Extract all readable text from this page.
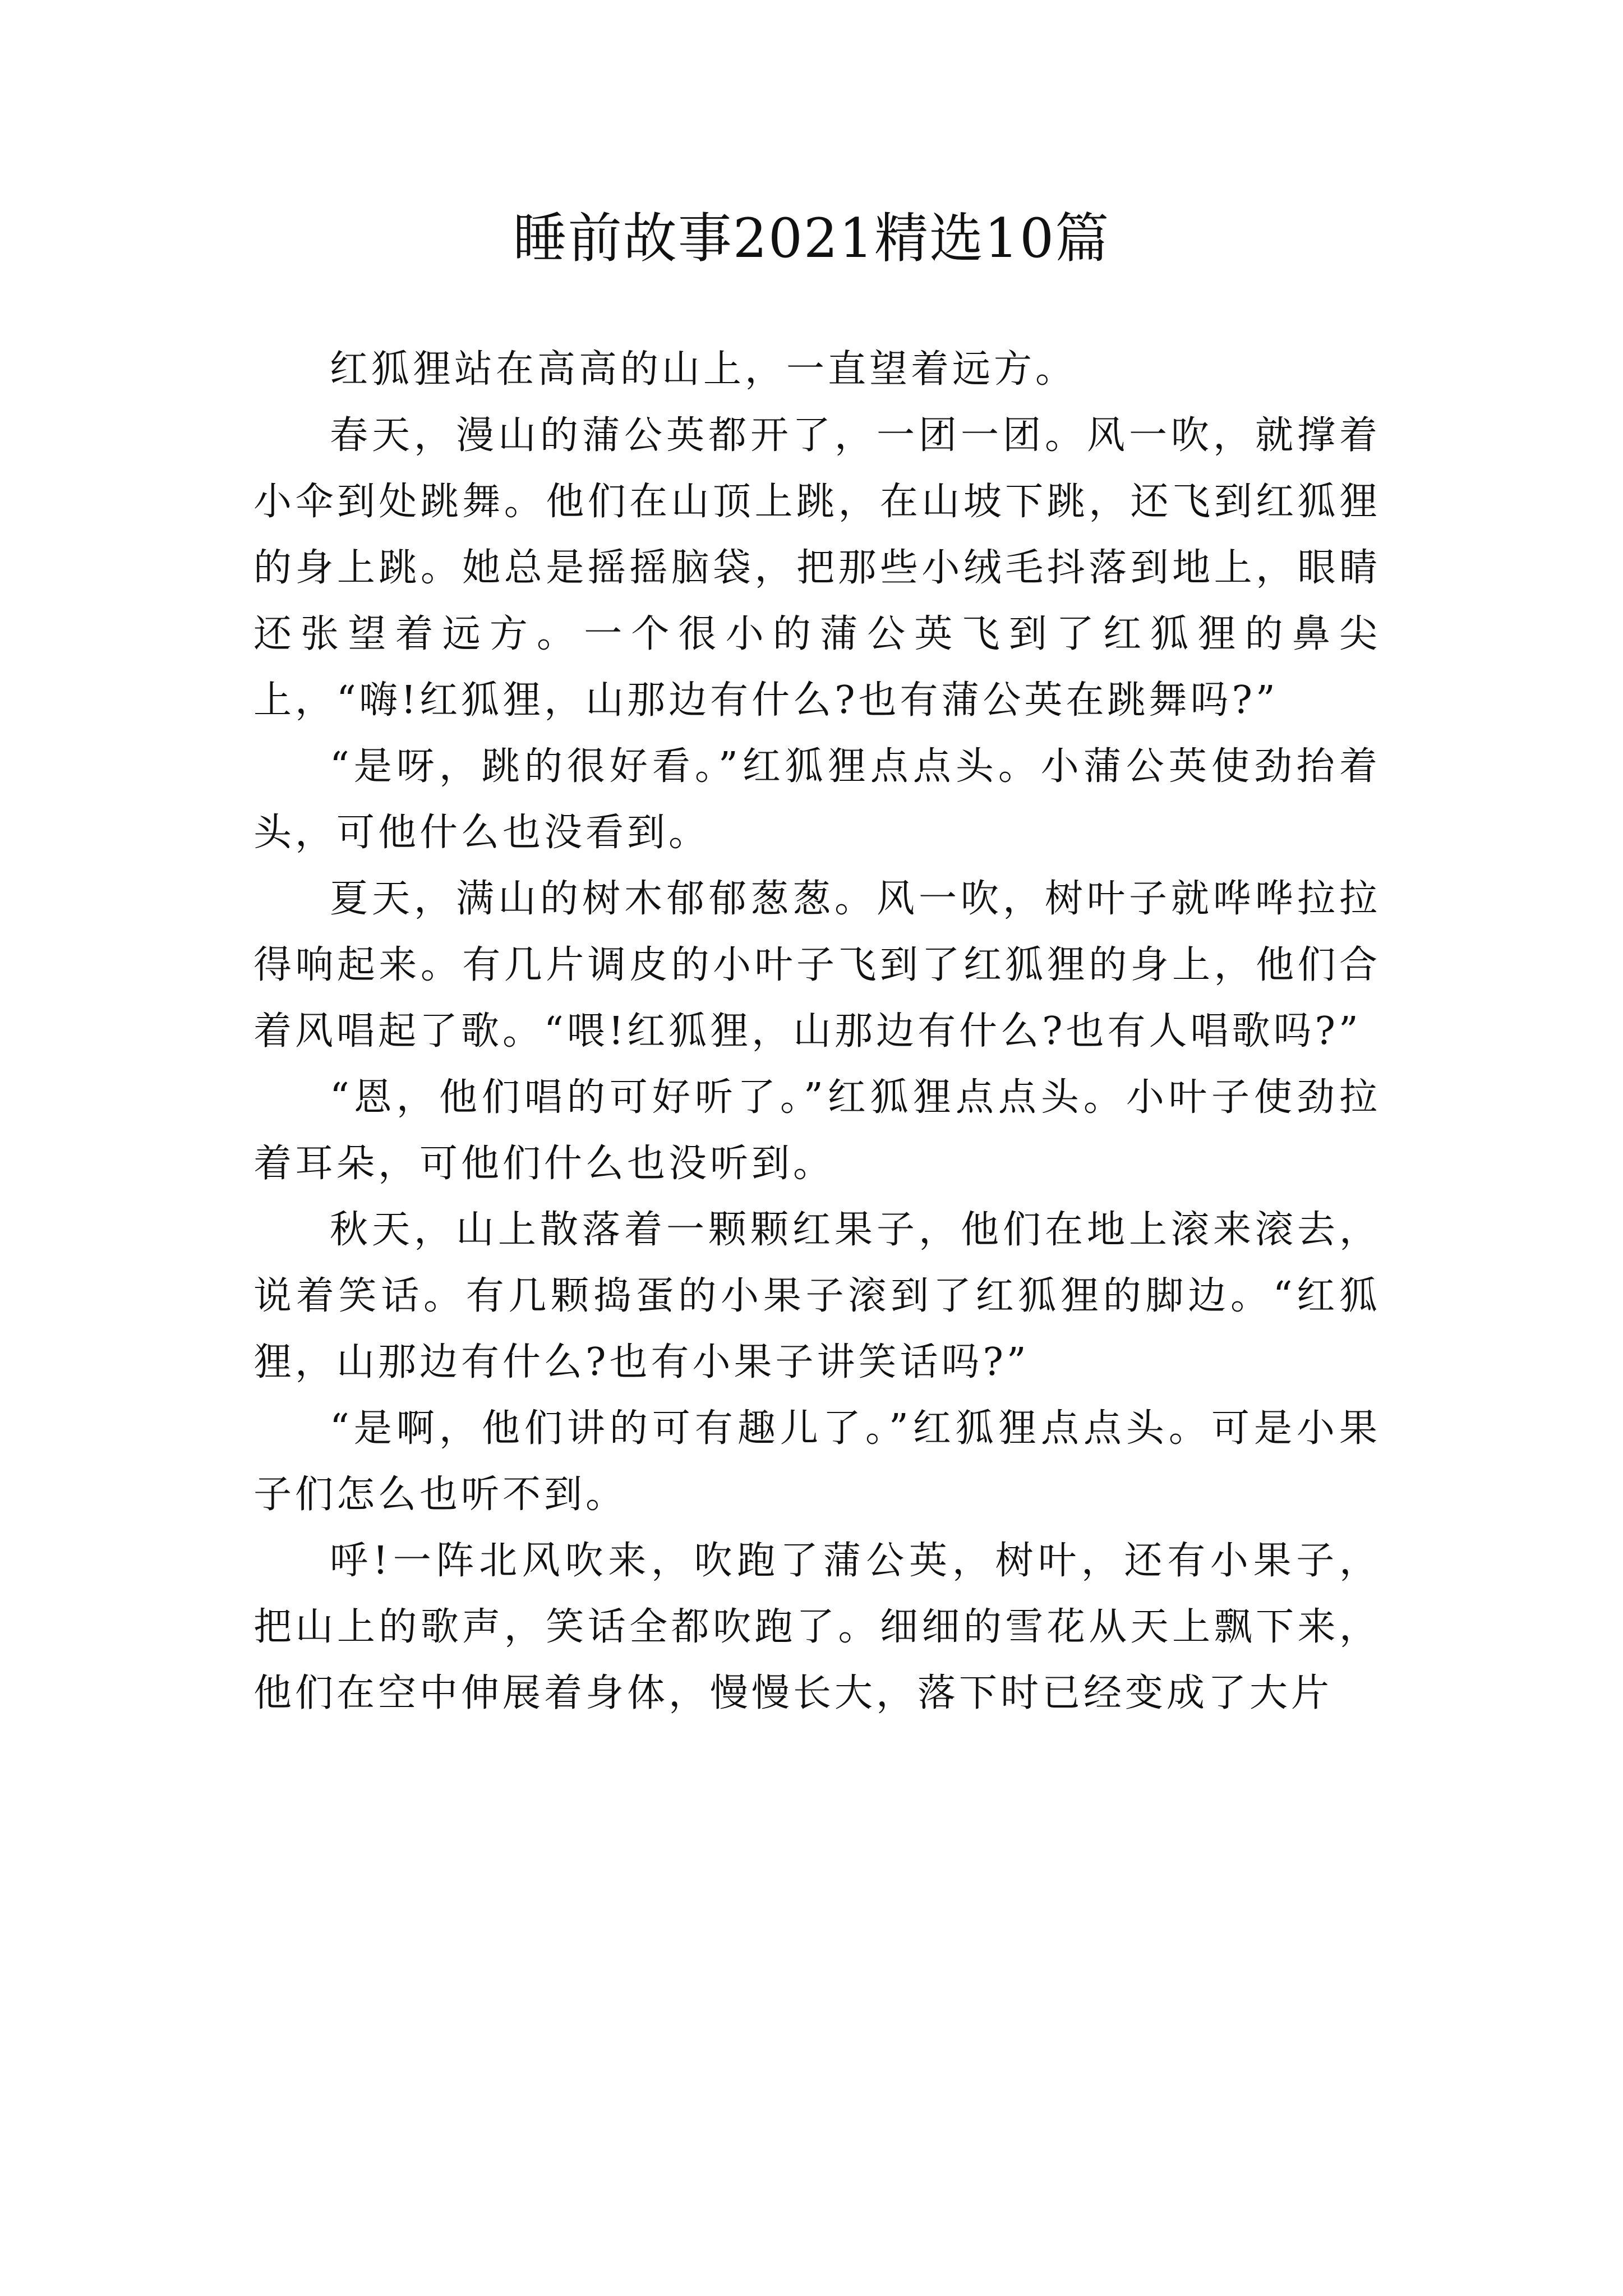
睡前故事2021精选10篇

红狐狸站在高高的山上，一直望着远方。

春天，漫山的蒲公英都开了，一团一团。风一吹，就撑着小伞到处跳舞。他们在山顶上跳，在山坡下跳，还飞到红狐狸的身上跳。她总是摇摇脑袋，把那些小绒毛抖落到地上，眼睛还张望着远方。一个很小的蒲公英飞到了红狐狸的鼻尖上，“嗨!红狐狸，山那边有什么?也有蒲公英在跳舞吗?”

“是呀，跳的很好看。”红狐狸点点头。小蒲公英使劲抬着头，可他什么也没看到。

夏天，满山的树木郁郁葱葱。风一吹，树叶子就哗哗拉拉得响起来。有几片调皮的小叶子飞到了红狐狸的身上，他们合着风唱起了歌。“喂!红狐狸，山那边有什么?也有人唱歌吗?”

“恩，他们唱的可好听了。”红狐狸点点头。小叶子使劲拉着耳朵，可他们什么也没听到。

秋天，山上散落着一颗颗红果子，他们在地上滚来滚去，说着笑话。有几颗捣蛋的小果子滚到了红狐狸的脚边。“红狐狸，山那边有什么?也有小果子讲笑话吗?”

“是啊，他们讲的可有趣儿了。”红狐狸点点头。可是小果子们怎么也听不到。

呼!一阵北风吹来，吹跑了蒲公英，树叶，还有小果子，把山上的歌声，笑话全都吹跑了。细细的雪花从天上飘下来，他们在空中伸展着身体，慢慢长大，落下时已经变成了大片
